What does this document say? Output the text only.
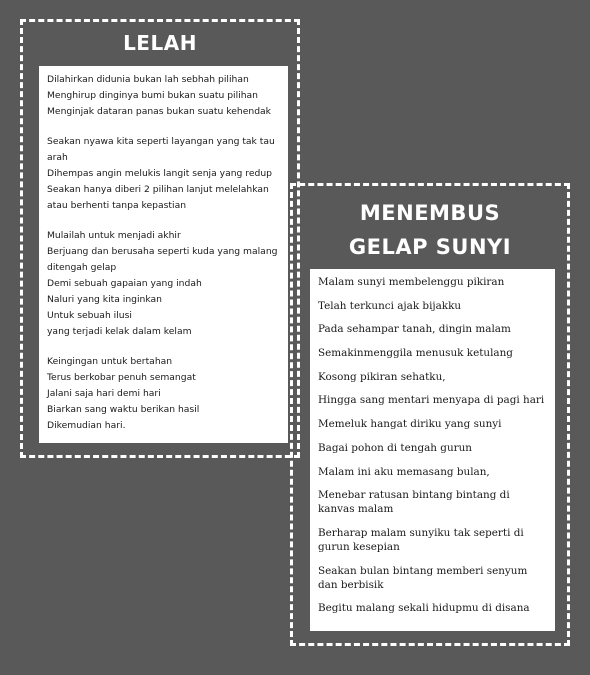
LELAH
Dilahirkan didunia bukan lah sebhah pilihan
Menghirup dinginya bumi bukan suatu pilihan
Menginjak dataran panas bukan suatu kehendak
Seakan nyawa kita seperti layangan yang tak tau arah
Dihempas angin melukis langit senja yang redup
Seakan hanya diberi 2 pilihan lanjut melelahkan atau berhenti tanpa kepastian
Mulailah untuk menjadi akhir
Berjuang dan berusaha seperti kuda yang malang ditengah gelap
Demi sebuah gapaian yang indah
Naluri yang kita inginkan
Untuk sebuah ilusi
yang terjadi kelak dalam kelam
Keingingan untuk bertahan
Terus berkobar penuh semangat
Jalani saja hari demi hari
Biarkan sang waktu berikan hasil
Dikemudian hari.
MENEMBUS
GELAP SUNYI
Malam sunyi membelenggu pikiran
Telah terkunci ajak bijakku
Pada sehampar tanah, dingin malam
Semakinmenggila menusuk ketulang
Kosong pikiran sehatku,
Hingga sang mentari menyapa di pagi hari
Memeluk hangat diriku yang sunyi
Bagai pohon di tengah gurun
Malam ini aku memasang bulan,
Menebar ratusan bintang bintang di kanvas malam
Berharap malam sunyiku tak seperti di gurun kesepian
Seakan bulan bintang memberi senyum dan berbisik
Begitu malang sekali hidupmu di disana
